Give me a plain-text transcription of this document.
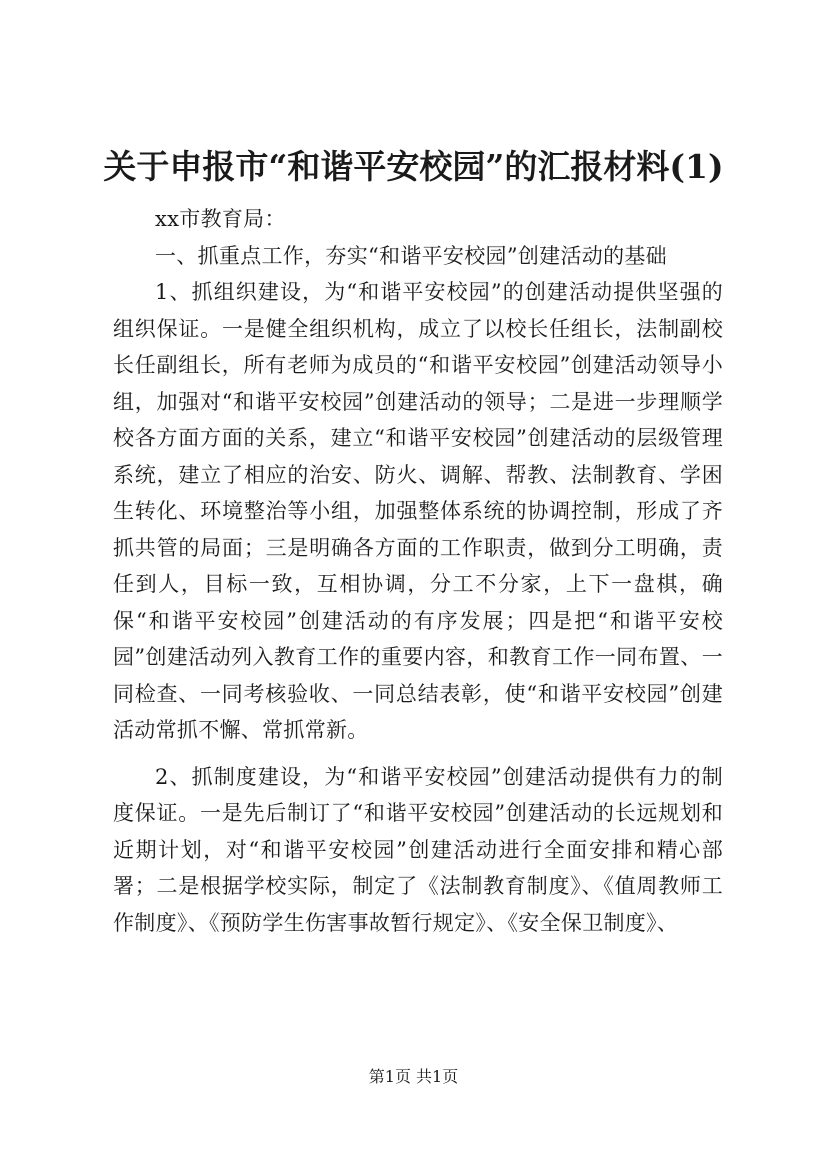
关于申报市“和谐平安校园”的汇报材料(1)

xx市教育局：

一、抓重点工作，夯实“和谐平安校园”创建活动的基础

1、抓组织建设，为“和谐平安校园”的创建活动提供坚强的组织保证。一是健全组织机构，成立了以校长任组长，法制副校长任副组长，所有老师为成员的“和谐平安校园”创建活动领导小组，加强对“和谐平安校园”创建活动的领导；二是进一步理顺学校各方面方面的关系，建立“和谐平安校园”创建活动的层级管理系统，建立了相应的治安、防火、调解、帮教、法制教育、学困生转化、环境整治等小组，加强整体系统的协调控制，形成了齐抓共管的局面；三是明确各方面的工作职责，做到分工明确，责任到人，目标一致，互相协调，分工不分家，上下一盘棋，确保“和谐平安校园”创建活动的有序发展；四是把“和谐平安校园”创建活动列入教育工作的重要内容，和教育工作一同布置、一同检查、一同考核验收、一同总结表彰，使“和谐平安校园”创建活动常抓不懈、常抓常新。

2、抓制度建设，为“和谐平安校园”创建活动提供有力的制度保证。一是先后制订了“和谐平安校园”创建活动的长远规划和近期计划，对“和谐平安校园”创建活动进行全面安排和精心部署；二是根据学校实际，制定了《法制教育制度》、《值周教师工作制度》、《预防学生伤害事故暂行规定》、《安全保卫制度》、

第1页 共1页
